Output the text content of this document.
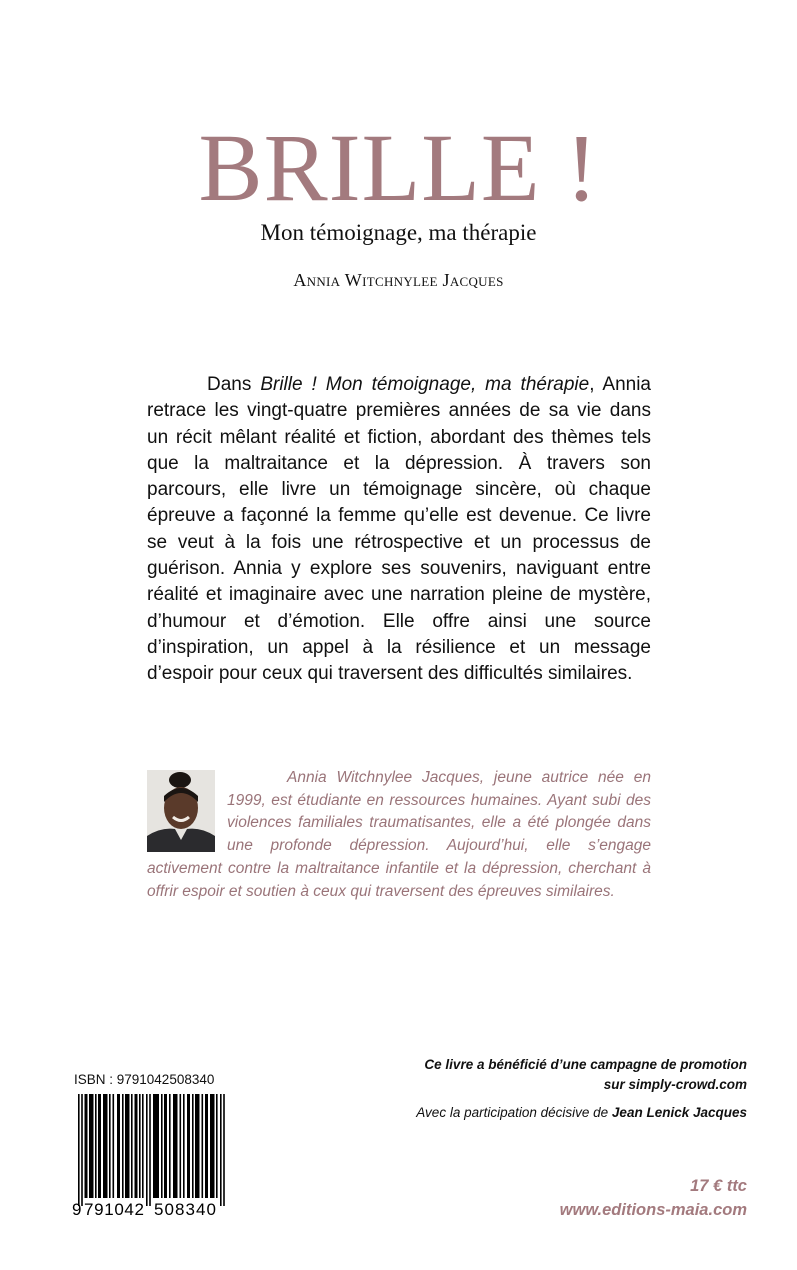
BRILLE !
Mon témoignage, ma thérapie
Annia Witchnylee Jacques

Dans Brille ! Mon témoignage, ma thérapie, Annia retrace les vingt-quatre premières années de sa vie dans un récit mêlant réalité et fiction, abordant des thèmes tels que la maltraitance et la dépression. À travers son parcours, elle livre un témoignage sincère, où chaque épreuve a façonné la femme qu’elle est devenue. Ce livre se veut à la fois une rétrospective et un processus de guérison. Annia y explore ses souvenirs, naviguant entre réalité et imaginaire avec une narration pleine de mystère, d’humour et d’émotion. Elle offre ainsi une source d’inspiration, un appel à la résilience et un message d’espoir pour ceux qui traversent des difficultés similaires.

Annia Witchnylee Jacques, jeune autrice née en 1999, est étudiante en ressources humaines. Ayant subi des violences familiales traumatisantes, elle a été plongée dans une profonde dépression. Aujourd’hui, elle s’engage activement contre la maltraitance infantile et la dépression, cherchant à offrir espoir et soutien à ceux qui traversent des épreuves similaires.
ISBN : 9791042508340
9 791042 508340
Ce livre a bénéficié d’une campagne de promotion
sur simply-crowd.com
Avec la participation décisive de Jean Lenick Jacques
17 € ttc
www.editions-maia.com
